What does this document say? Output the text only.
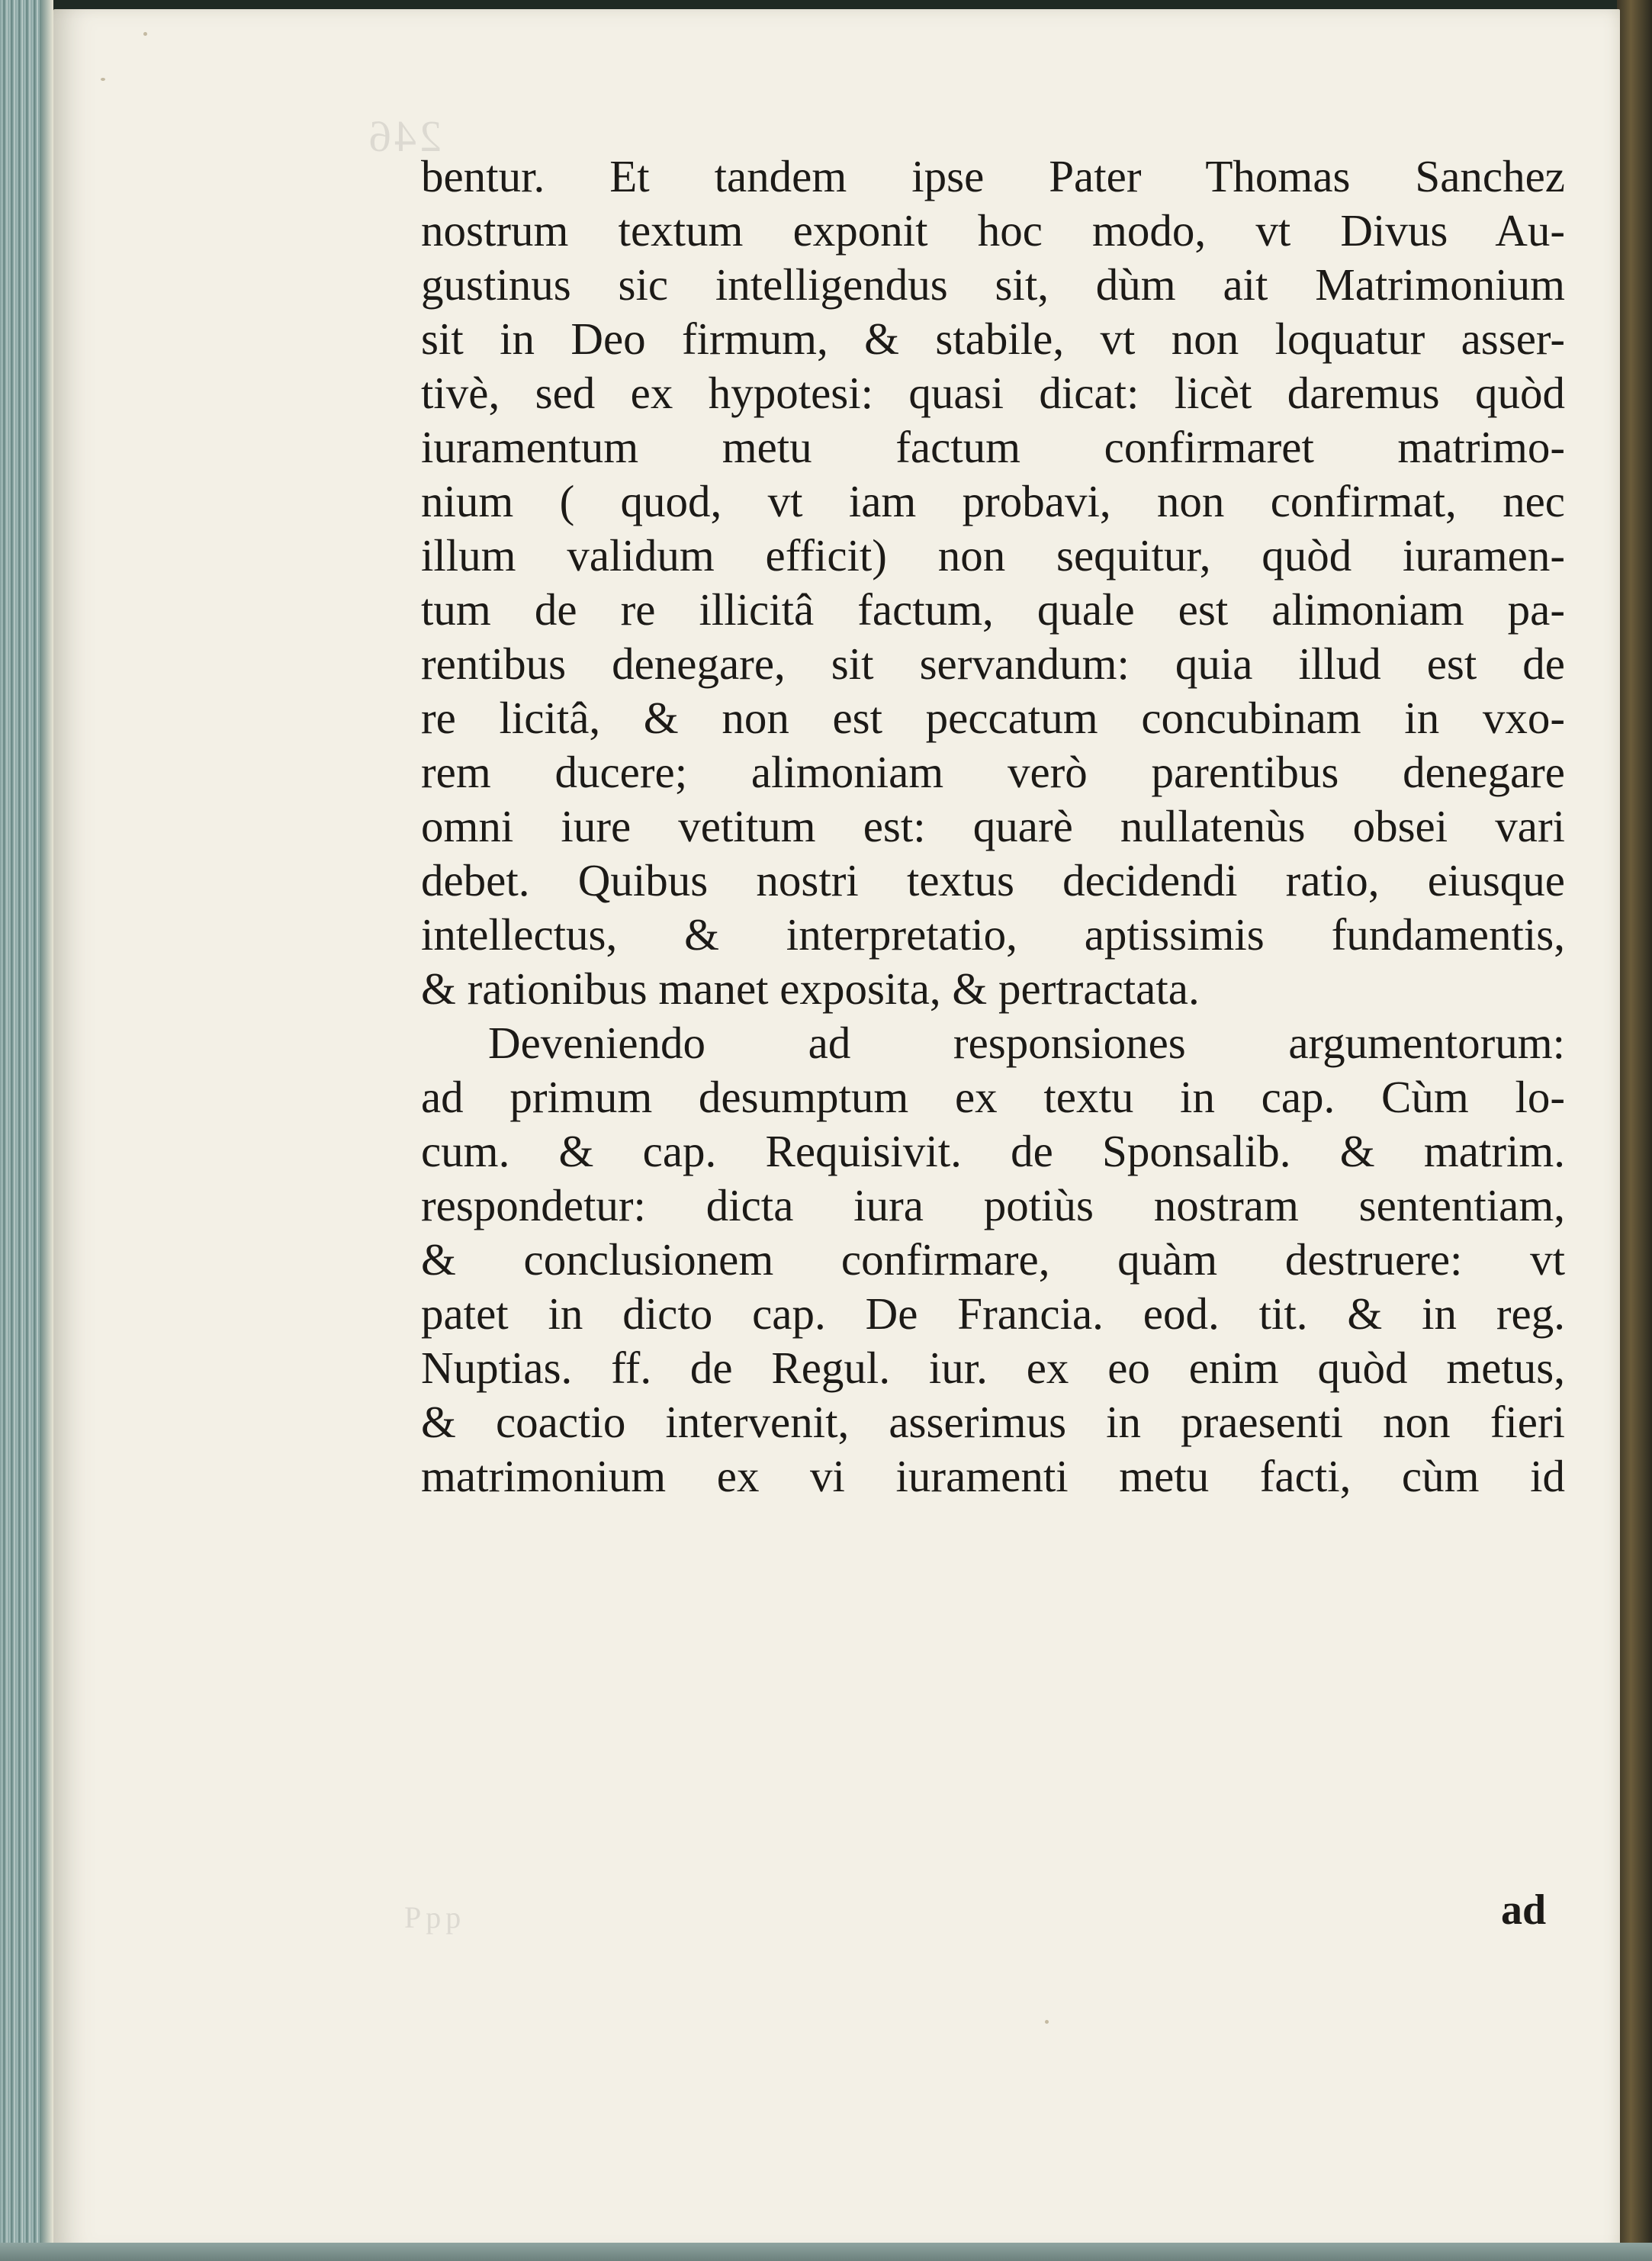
246
Ppp
bentur. Et tandem ipse Pater Thomas Sanchez
nostrum textum exponit hoc modo, vt Divus Au-
gustinus sic intelligendus sit, dùm ait Matrimonium
sit in Deo firmum, & stabile, vt non loquatur asser-
tivè, sed ex hypotesi: quasi dicat: licèt daremus quòd
iuramentum metu factum confirmaret matrimo-
nium ( quod, vt iam probavi, non confirmat, nec
illum validum efficit) non sequitur, quòd iuramen-
tum de re illicitâ factum, quale est alimoniam pa-
rentibus denegare, sit servandum: quia illud est de
re licitâ, & non est peccatum concubinam in vxo-
rem ducere; alimoniam verò parentibus denegare
omni iure vetitum est: quarè nullatenùs obsei vari
debet. Quibus nostri textus decidendi ratio, eiusque
intellectus, & interpretatio, aptissimis fundamentis,
& rationibus manet exposita, & pertractata.
Deveniendo ad responsiones argumentorum:
ad primum desumptum ex textu in cap. Cùm lo-
cum. & cap. Requisivit. de Sponsalib. & matrim.
respondetur: dicta iura potiùs nostram sententiam,
& conclusionem confirmare, quàm destruere: vt
patet in dicto cap. De Francia. eod. tit. & in reg.
Nuptias. ff. de Regul. iur. ex eo enim quòd metus,
& coactio intervenit, asserimus in praesenti non fieri
matrimonium ex vi iuramenti metu facti, cùm id
ad
